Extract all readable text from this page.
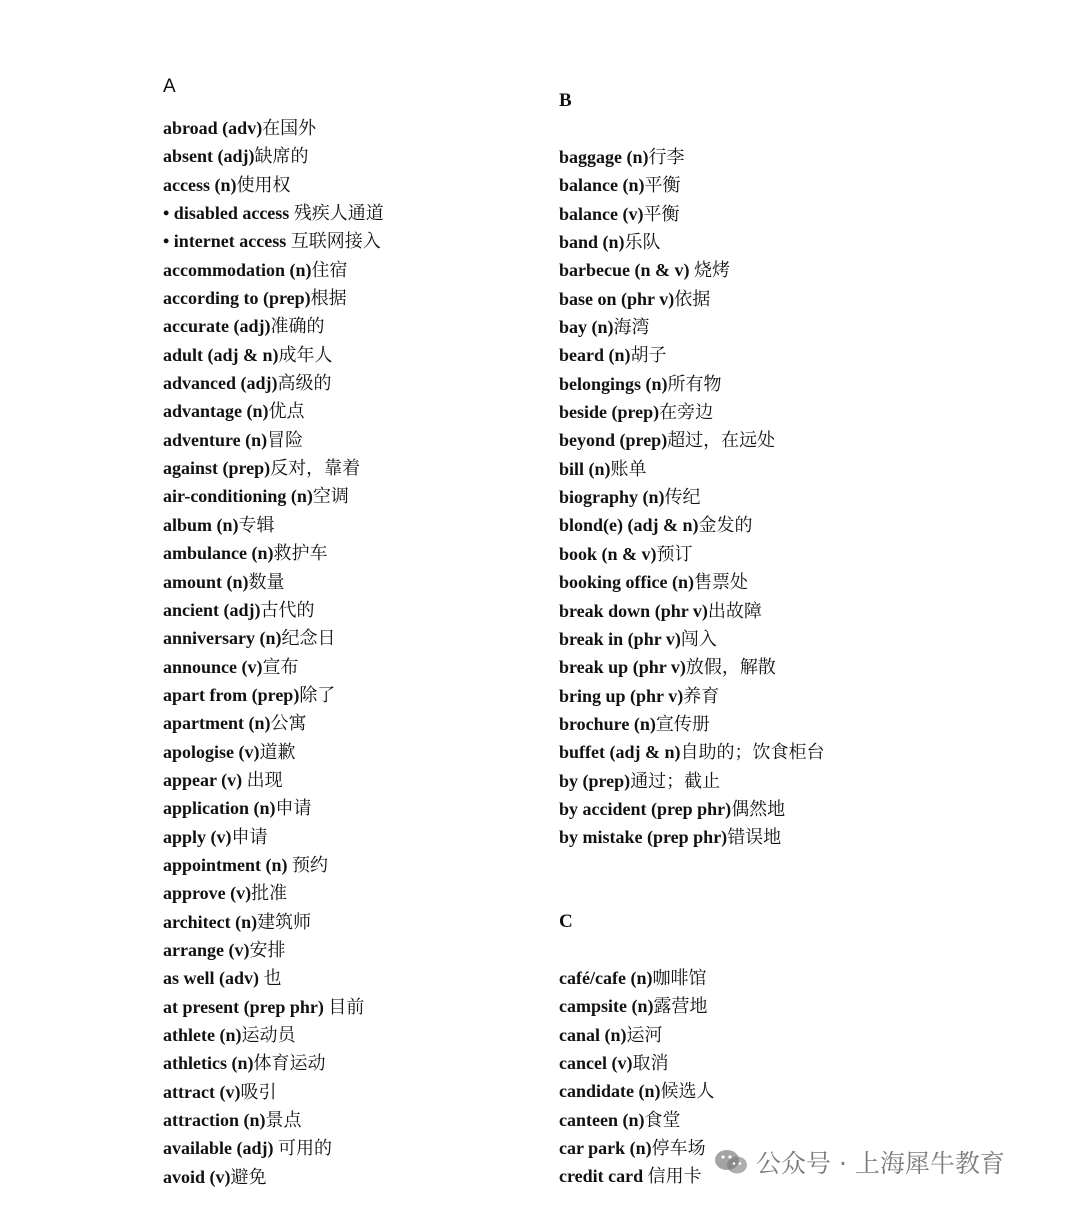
A
abroad (adv)在国外
absent (adj)缺席的
access (n)使用权
• disabled access 残疾人通道
• internet access 互联网接入
accommodation (n)住宿
according to (prep)根据
accurate (adj)准确的
adult (adj & n)成年人
advanced (adj)高级的
advantage (n)优点
adventure (n)冒险
against (prep)反对，靠着
air-conditioning (n)空调
album (n)专辑
ambulance (n)救护车
amount (n)数量
ancient (adj)古代的
anniversary (n)纪念日
announce (v)宣布
apart from (prep)除了
apartment (n)公寓
apologise (v)道歉
appear (v) 出现
application (n)申请
apply (v)申请
appointment (n) 预约
approve (v)批准
architect (n)建筑师
arrange (v)安排
as well (adv) 也
at present (prep phr) 目前
athlete (n)运动员
athletics (n)体育运动
attract (v)吸引
attraction (n)景点
available (adj) 可用的
avoid (v)避免
B
baggage (n)行李
balance (n)平衡
balance (v)平衡
band (n)乐队
barbecue (n & v) 烧烤
base on (phr v)依据
bay (n)海湾
beard (n)胡子
belongings (n)所有物
beside (prep)在旁边
beyond (prep)超过，在远处
bill (n)账单
biography (n)传纪
blond(e) (adj & n)金发的
book (n & v)预订
booking office (n)售票处
break down (phr v)出故障
break in (phr v)闯入
break up (phr v)放假，解散
bring up (phr v)养育
brochure (n)宣传册
buffet (adj & n)自助的；饮食柜台
by (prep)通过；截止
by accident (prep phr)偶然地
by mistake (prep phr)错误地
C
café/cafe (n)咖啡馆
campsite (n)露营地
canal (n)运河
cancel (v)取消
candidate (n)候选人
canteen (n)食堂
car park (n)停车场
credit card 信用卡	公众号 · 上海犀牛教育
